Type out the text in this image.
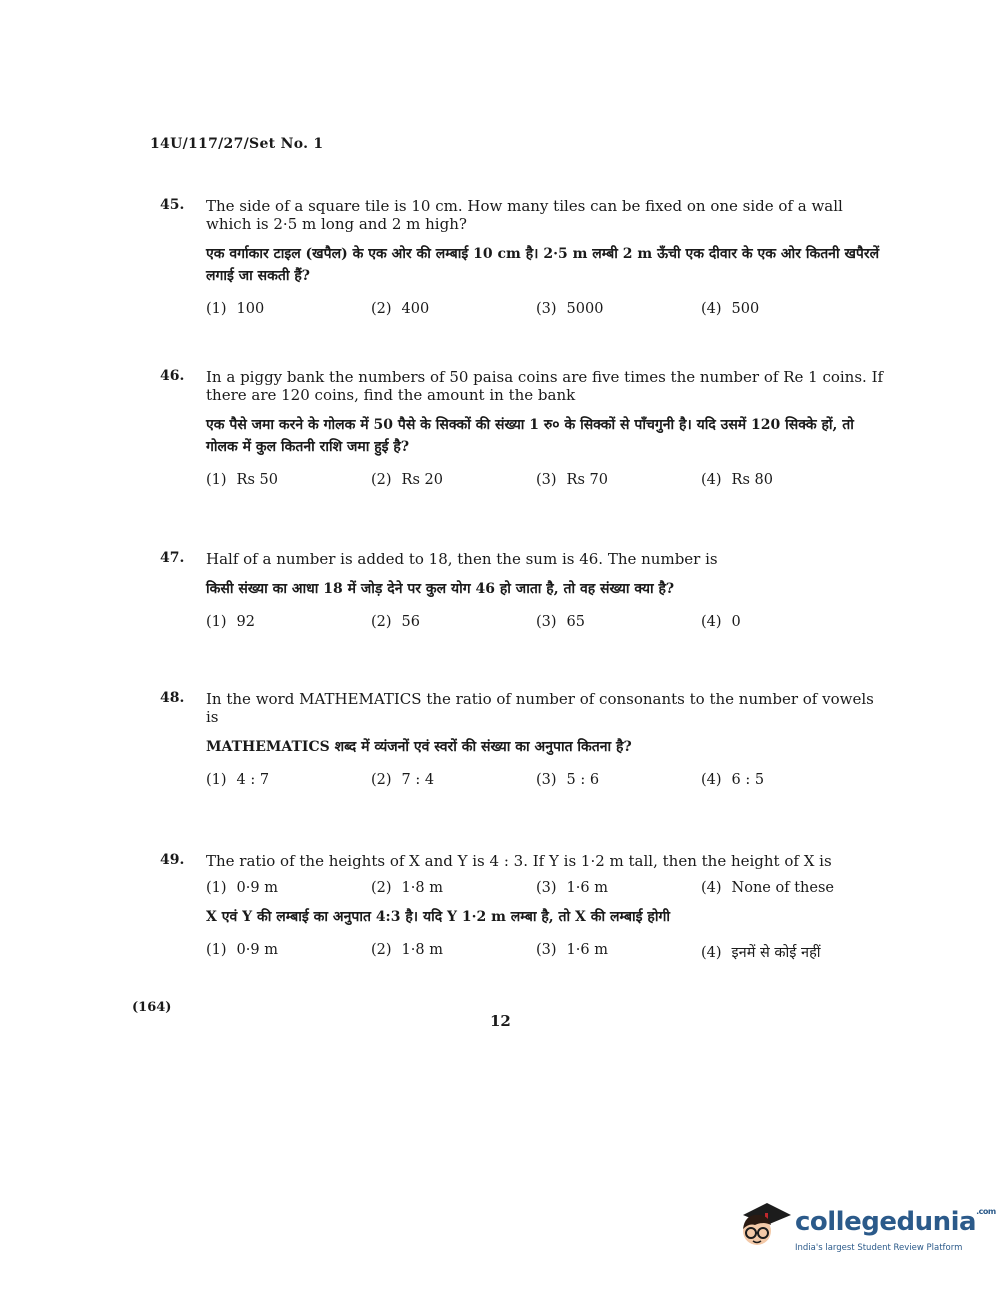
14U/117/27/Set No. 1
45.	The side of a square tile is 10 cm. How many tiles can be fixed on one side of a wall which is 2·5 m long and 2 m high?
एक वर्गाकार टाइल (खपैल) के एक ओर की लम्बाई 10 cm है। 2·5 m लम्बी 2 m ऊँची एक दीवार के एक ओर कितनी खपैरलें लगाई जा सकती हैं?
(1) 100	(2) 400	(3) 5000	(4) 500
46.	In a piggy bank the numbers of 50 paisa coins are five times the number of Re 1 coins. If there are 120 coins, find the amount in the bank
एक पैसे जमा करने के गोलक में 50 पैसे के सिक्कों की संख्या 1 रु० के सिक्कों से पाँचगुनी है। यदि उसमें 120 सिक्के हों, तो गोलक में कुल कितनी राशि जमा हुई है?
(1) Rs 50	(2) Rs 20	(3) Rs 70	(4) Rs 80
47.	Half of a number is added to 18, then the sum is 46. The number is
किसी संख्या का आधा 18 में जोड़ देने पर कुल योग 46 हो जाता है, तो वह संख्या क्या है?
(1) 92	(2) 56	(3) 65	(4) 0
48.	In the word MATHEMATICS the ratio of number of consonants to the number of vowels is
MATHEMATICS शब्द में व्यंजनों एवं स्वरों की संख्या का अनुपात कितना है?
(1) 4 : 7	(2) 7 : 4	(3) 5 : 6	(4) 6 : 5
49.	The ratio of the heights of X and Y is 4 : 3. If Y is 1·2 m tall, then the height of X is
(1) 0·9 m	(2) 1·8 m	(3) 1·6 m	(4) None of these
X एवं Y की लम्बाई का अनुपात 4:3 है। यदि Y 1·2 m लम्बा है, तो X की लम्बाई होगी
(1) 0·9 m	(2) 1·8 m	(3) 1·6 m	(4) इनमें से कोई नहीं
(164)
12
collegedunia$^{.com}$
India's largest Student Review Platform
